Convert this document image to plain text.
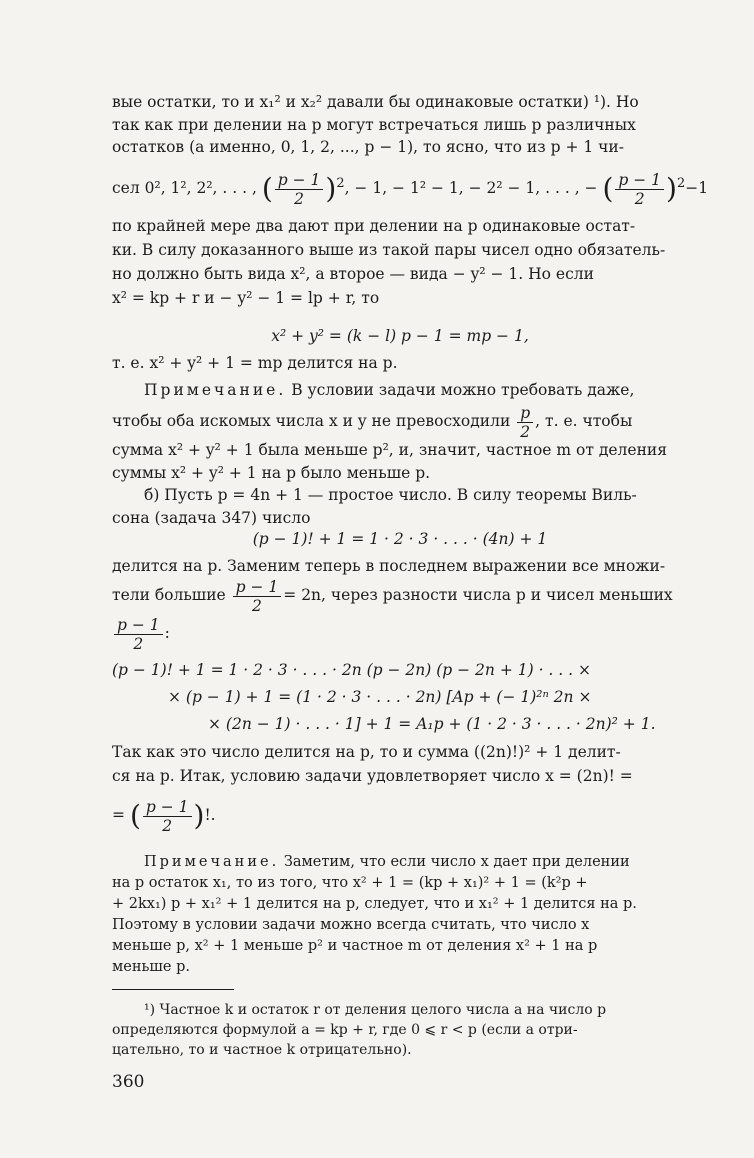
вые остатки, то и x₁² и x₂² давали бы одинаковые остатки) ¹). Но
так как при делении на p могут встречаться лишь p различных
остатков (а именно, 0, 1, 2, ..., p − 1), то ясно, что из p + 1 чи-
сел 0², 1², 2², . . . , ( $\frac{p - 1}{2} )^2$, − 1, − 1² − 1, − 2² − 1, . . . , − ( $\frac{p - 1}{2} )^2-1$
по крайней мере два дают при делении на p одинаковые остат-
ки. В силу доказанного выше из такой пары чисел одно обязатель-
но должно быть вида x², а второе — вида − y² − 1. Но если
x² = kp + r и − y² − 1 = lp + r, то
x² + y² = (k − l) p − 1 = mp − 1,
т. е. x² + y² + 1 = mp делится на p.
Примечание. В условии задачи можно требовать даже,
чтобы оба искомых числа x и y не превосходили $\frac{p}{2}$ , т. е. чтобы
сумма x² + y² + 1 была меньше p², и, значит, частное m от деления
суммы x² + y² + 1 на p было меньше p.
б) Пусть p = 4n + 1 — простое число. В силу теоремы Виль-
сона (задача 347) число
(p − 1)! + 1 = 1 · 2 · 3 · . . . · (4n) + 1
делится на p. Заменим теперь в последнем выражении все множи-
тели большие $\frac{p - 1}{2} = 2n$, через разности числа p и чисел меньших
$\frac{p - 1}{2}$ :
(p − 1)! + 1 = 1 · 2 · 3 · . . . · 2n (p − 2n) (p − 2n + 1) · . . . ×
× (p − 1) + 1 = (1 · 2 · 3 · . . . · 2n) [Ap + (− 1)²ⁿ 2n ×
× (2n − 1) · . . . · 1] + 1 = A₁p + (1 · 2 · 3 · . . . · 2n)² + 1.
Так как это число делится на p, то и сумма ((2n)!)² + 1 делит-
ся на p. Итак, условию задачи удовлетворяет число x = (2n)! =
= ( $\frac{p - 1}{2}$ )!.
Примечание. Заметим, что если число x дает при делении
на p остаток x₁, то из того, что x² + 1 = (kp + x₁)² + 1 = (k²p +
+ 2kx₁) p + x₁² + 1 делится на p, следует, что и x₁² + 1 делится на p.
Поэтому в условии задачи можно всегда считать, что число x
меньше p, x² + 1 меньше p² и частное m от деления x² + 1 на p
меньше p.
¹) Частное k и остаток r от деления целого числа a на число p
определяются формулой a = kp + r, где 0 ⩽ r < p (если a отри-
цательно, то и частное k отрицательно).
360
